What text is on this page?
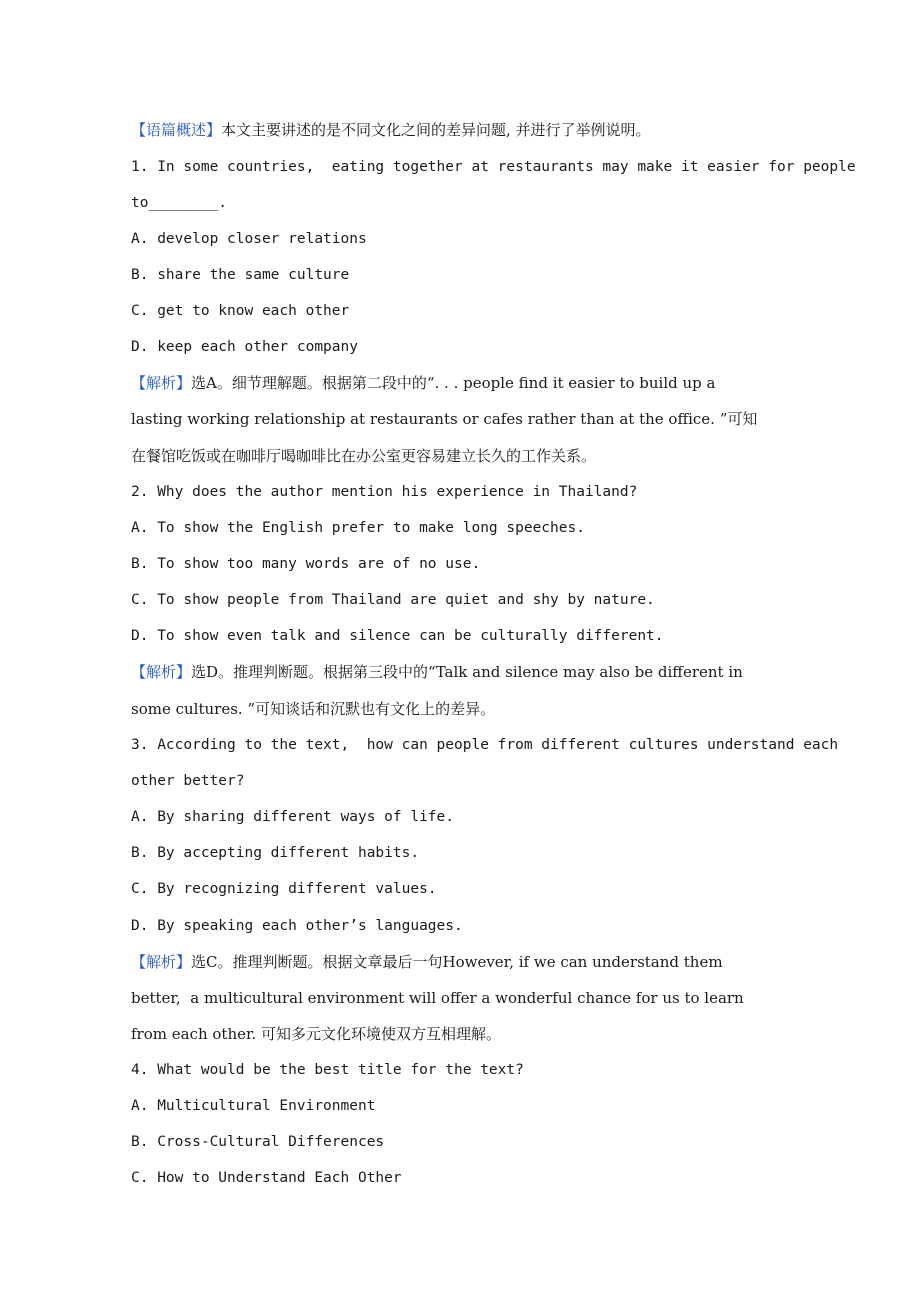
【语篇概述】本文主要讲述的是不同文化之间的差异问题, 并进行了举例说明。
1. In some countries,  eating together at restaurants may make it easier for people
to________.
A. develop closer relations
B. share the same culture
C. get to know each other
D. keep each other company
【解析】选A。细节理解题。根据第二段中的“. . . people find it easier to build up a
lasting working relationship at restaurants or cafes rather than at the office. ”可知
在餐馆吃饭或在咖啡厅喝咖啡比在办公室更容易建立长久的工作关系。
2. Why does the author mention his experience in Thailand?
A. To show the English prefer to make long speeches.
B. To show too many words are of no use.
C. To show people from Thailand are quiet and shy by nature.
D. To show even talk and silence can be culturally different.
【解析】选D。推理判断题。根据第三段中的“Talk and silence may also be different in
some cultures. ”可知谈话和沉默也有文化上的差异。
3. According to the text,  how can people from different cultures understand each
other better?
A. By sharing different ways of life.
B. By accepting different habits.
C. By recognizing different values.
D. By speaking each other’s languages.
【解析】选C。推理判断题。根据文章最后一句However, if we can understand them
better,  a multicultural environment will offer a wonderful chance for us to learn
from each other. 可知多元文化环境使双方互相理解。
4. What would be the best title for the text?
A. Multicultural Environment
B. Cross-Cultural Differences
C. How to Understand Each Other
